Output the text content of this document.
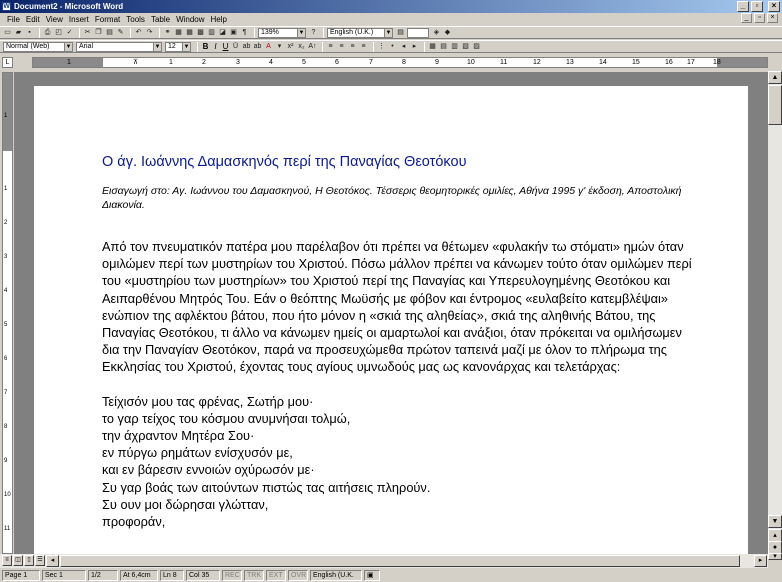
W Document2 - Microsoft Word	_	▫	×
File Edit View Insert Format Tools Table Window Help	_	▫	×
▭ ▰	▪	⎙ ◰ ✓ ✂ ❐ ▤ ✎ ↶ ↷ ⚭ ▦ ▦ ▩ ▥ ◪ ▣ ¶	139%	▼	?	English (U.K.) ▼ ▤	◈ ◆
Normal (Web)	▼	Arial	▼	12 ▼ B I U Ū ab ab A ▾ x² x₂ A↑	≡ ≡ ≡ ≡	⋮ •	◂	▸	▦ ▤ ▥ ▧ ▨
L	1	⊼	1	2	3	4	5	6	7	8	9	10	11	12	13	14	15	16 17	18
1
1
2
3
4
5
6
7
8
9
10
11
Ο άγ. Ιωάννης Δαμασκηνός περί της Παναγίας Θεοτόκου
Εισαγωγή στο: Αγ. Ιωάννου του Δαμασκηνού, Η Θεοτόκος. Τέσσερις θεομητορικές ομιλίες, Αθήνα 1995 γ' έκδοση, Αποστολική Διακονία.
Από τον πνευματικόν πατέρα μου παρέλαβον ότι πρέπει να θέτωμεν «φυλακήν τω στόματι» ημών όταν ομιλώμεν περί των μυστηρίων του Χριστού. Πόσω μάλλον πρέπει να κάνωμεν τούτο όταν ομιλώμεν περί του «μυστηρίου των μυστηρίων» του Χριστού περί της Παναγίας και Υπερευλογημένης Θεοτόκου και Αειπαρθένου Μητρός Του. Εάν ο θεόπτης Μωϋσής με φόβον και έντρομος «ευλαβείτο κατεμβλέψαι» ενώπιον της αφλέκτου βάτου, που ήτο μόνον η «σκιά της αληθείας», σκιά της αληθινής Βάτου, της Παναγίας Θεοτόκου, τι άλλο να κάνωμεν ημείς οι αμαρτωλοί και ανάξιοι, όταν πρόκειται να ομιλήσωμεν δια την Παναγίαν Θεοτόκον, παρά να προσευχώμεθα πρώτον ταπεινά μαζί με όλον το πλήρωμα της Εκκλησίας του Χριστού, έχοντας τους αγίους υμνωδούς μας ως κανονάρχας και τελετάρχας:
Τείχισόν μου τας φρένας, Σωτήρ μου·
το γαρ τείχος του κόσμου ανυμνήσαι τολμώ,
την άχραντον Μητέρα Σου·
εν πύργω ρημάτων ενίσχυσόν με,
και εν βάρεσιν εννοιών οχύρωσόν με·
Συ γαρ βοάς των αιτούντων πιστώς τας αιτήσεις πληρούν.
Συ ουν μοι δώρησαι γλώτταν,
προφοράν,
▲
▼
▴
●
▾
≡	◫	▯	☰	◂	▸
Page 1	Sec 1	1/2	At 6,4cm	Ln 8	Col 35	REC	TRK	EXT	OVR English (U.K.	▣
